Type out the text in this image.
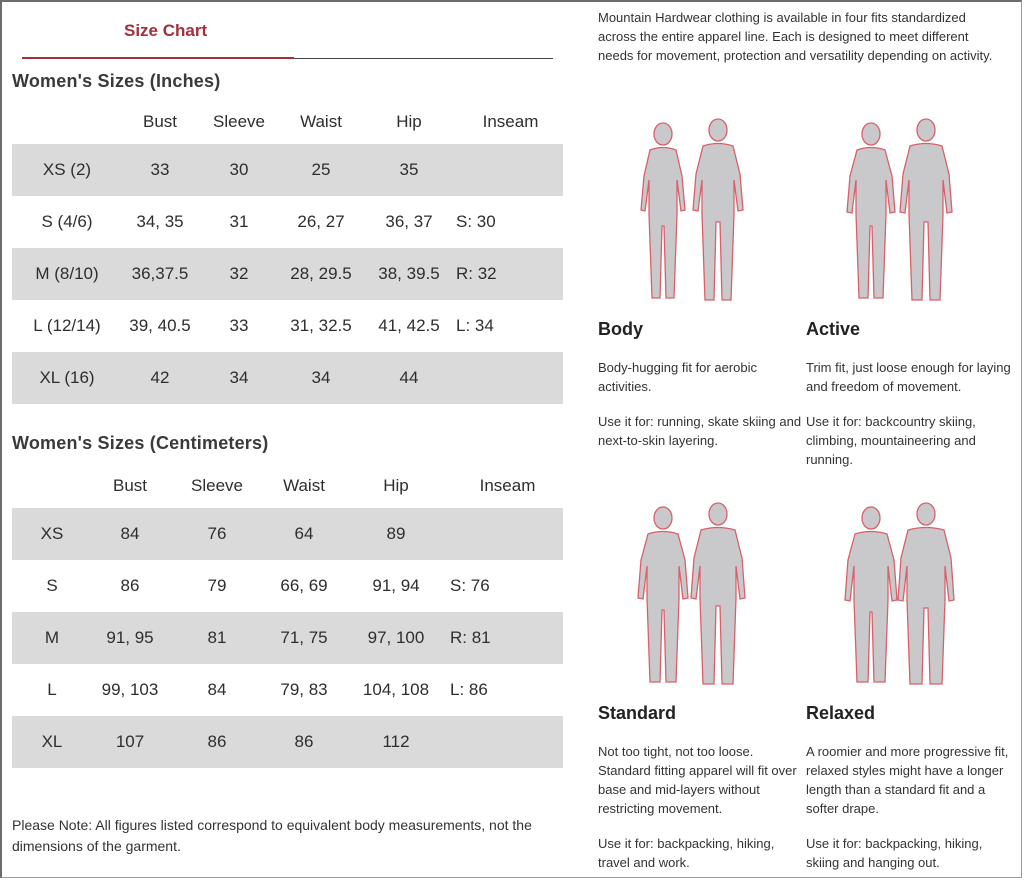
Size Chart
Women's Sizes (Inches)
	Bust	Sleeve	Waist	Hip	Inseam
XS (2)	33	30	25	35	
S (4/6)	34, 35	31	26, 27	36, 37	S: 30
M (8/10)	36,37.5	32	28, 29.5	38, 39.5	R: 32
L (12/14)	39, 40.5	33	31, 32.5	41, 42.5	L: 34
XL (16)	42	34	34	44	
Women's Sizes (Centimeters)
	Bust	Sleeve	Waist	Hip	Inseam
XS	84	76	64	89	
S	86	79	66, 69	91, 94	S: 76
M	91, 95	81	71, 75	97, 100	R: 81
L	99, 103	84	79, 83	104, 108	L: 86
XL	107	86	86	112	
Please Note: All figures listed correspond to equivalent body measurements, not the dimensions of the garment.
Mountain Hardwear clothing is available in four fits standardized across the entire apparel line. Each is designed to meet different needs for movement, protection and versatility depending on activity.
Body
Body-hugging fit for aerobic activities.
Use it for: running, skate skiing and next-to-skin layering.
Active
Trim fit, just loose enough for laying and freedom of movement.
Use it for: backcountry skiing, climbing, mountaineering and running.
Standard
Not too tight, not too loose. Standard fitting apparel will fit over base and mid-layers without restricting movement.
Use it for: backpacking, hiking, travel and work.
Relaxed
A roomier and more progressive fit, relaxed styles might have a longer length than a standard fit and a softer drape.
Use it for: backpacking, hiking, skiing and hanging out.
